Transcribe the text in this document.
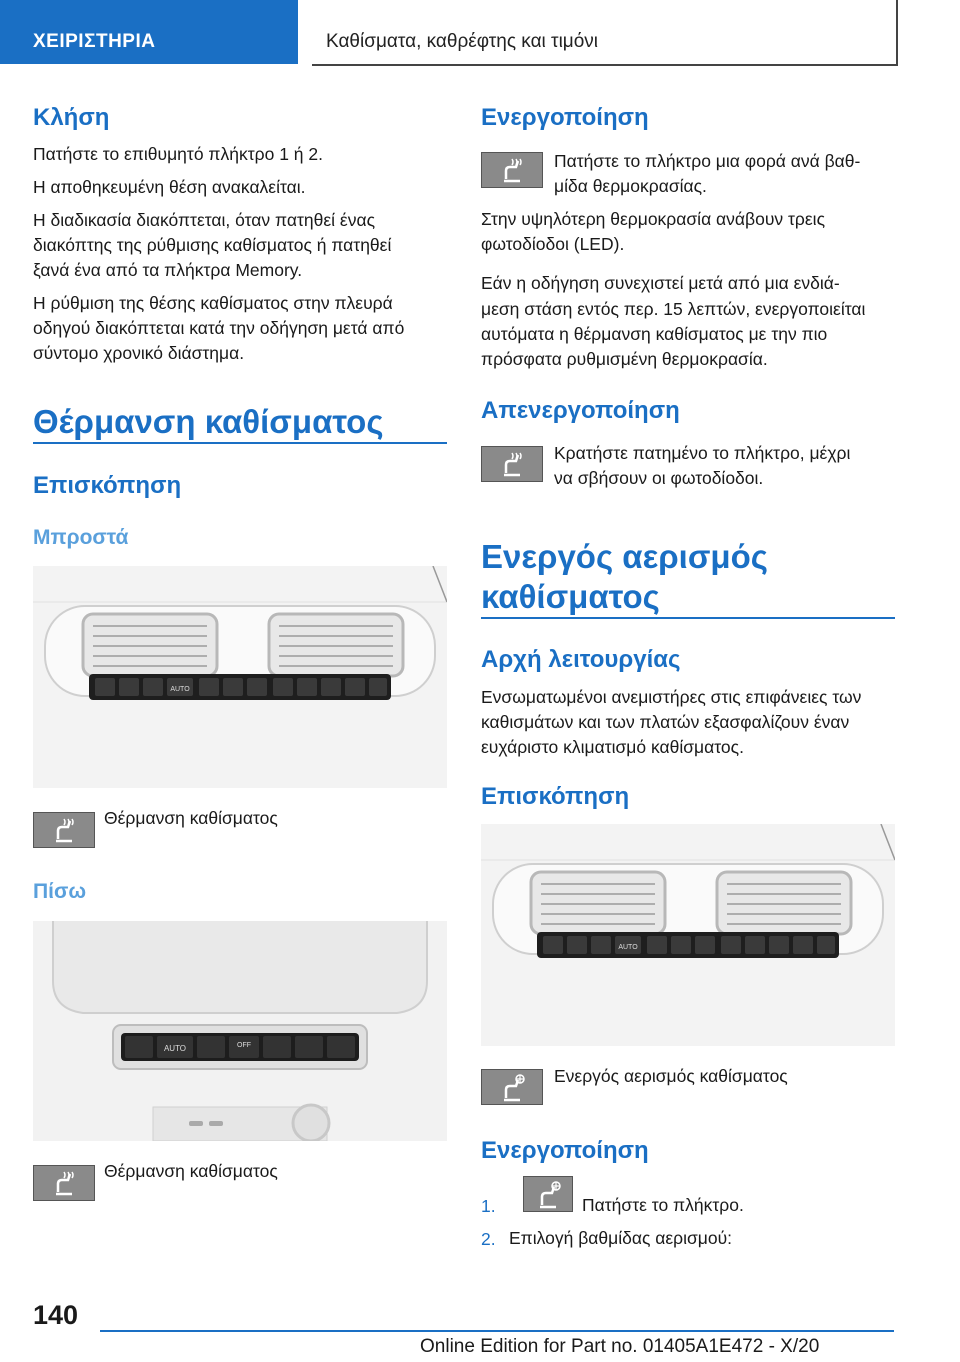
ΧΕΙΡΙΣΤΗΡΙΑ	Καθίσματα, καθρέφτης και τιμόνι
Κλήση

Πατήστε το επιθυμητό πλήκτρο 1 ή 2.

Η αποθηκευμένη θέση ανακαλείται.

Η διαδικασία διακόπτεται, όταν πατηθεί ένας

διακόπτης της ρύθμισης καθίσματος ή πατηθεί

ξανά ένα από τα πλήκτρα Memory.

Η ρύθμιση της θέσης καθίσματος στην πλευρά

οδηγού διακόπτεται κατά την οδήγηση μετά από

σύντομο χρονικό διάστημα.

Θέρμανση καθίσματος
Επισκόπηση
Μπροστά
AUTO

Θέρμανση καθίσματος

Πίσω
AUTO	OFF

Θέρμανση καθίσματος

Ενεργοποίηση

Πατήστε το πλήκτρο μια φορά ανά βαθ-

μίδα θερμοκρασίας.

Στην υψηλότερη θερμοκρασία ανάβουν τρεις

φωτοδίοδοι (LED).

Εάν η οδήγηση συνεχιστεί μετά από μια ενδιά-

μεση στάση εντός περ. 15 λεπτών, ενεργοποιείται

αυτόματα η θέρμανση καθίσματος με την πιο

πρόσφατα ρυθμισμένη θερμοκρασία.

Απενεργοποίηση

Κρατήστε πατημένο το πλήκτρο, μέχρι

να σβήσουν οι φωτοδίοδοι.

Ενεργός αερισμός
καθίσματος
Αρχή λειτουργίας

Ενσωματωμένοι ανεμιστήρες στις επιφάνειες των

καθισμάτων και των πλατών εξασφαλίζουν έναν

ευχάριστο κλιματισμό καθίσματος.

Επισκόπηση
AUTO

Ενεργός αερισμός καθίσματος

Ενεργοποίηση
1.	Πατήστε το πλήκτρο.

2. Επιλογή βαθμίδας αερισμού:

140
Online Edition for Part no. 01405A1E472 - X/20
